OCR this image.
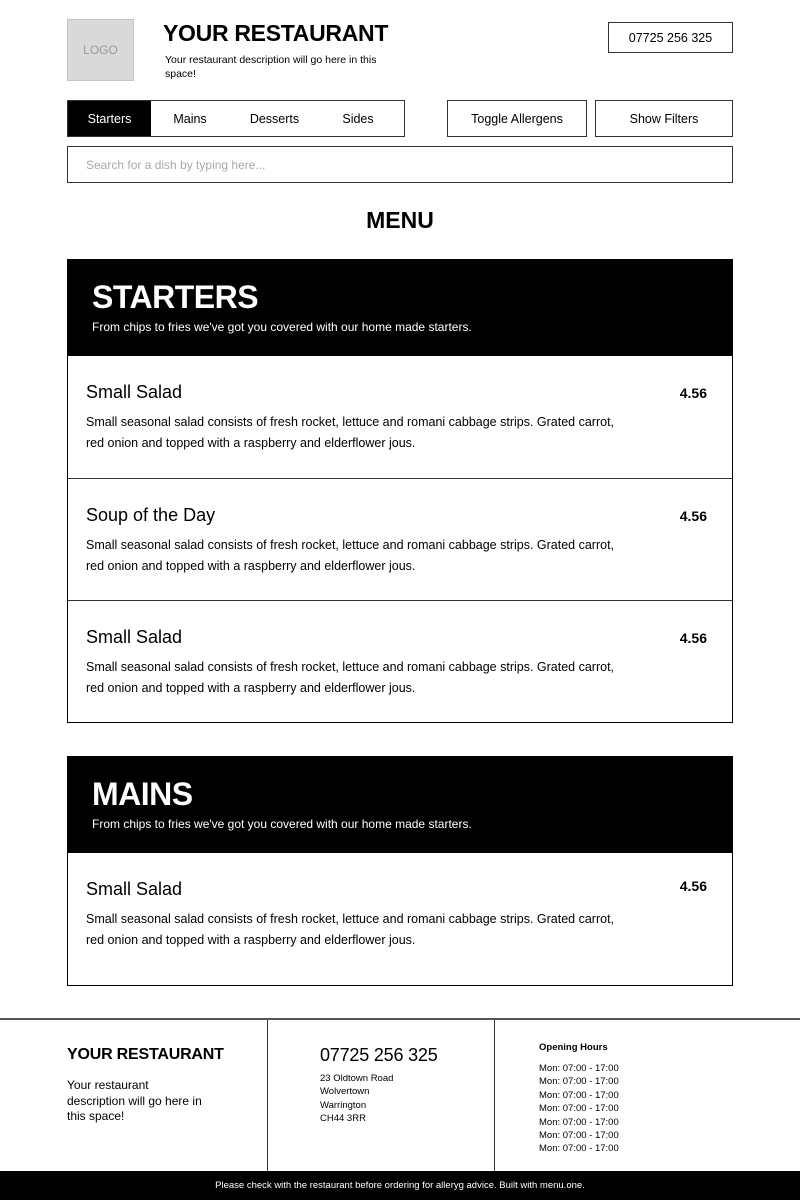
LOGO
YOUR RESTAURANT
Your restaurant description will go here in this space!
07725 256 325
Starters	Mains	Desserts	Sides	Toggle Allergens	Show Filters
Search for a dish by typing here...
MENU
STARTERS
From chips to fries we've got you covered with our home made starters.
Small Salad	4.56
Small seasonal salad consists of fresh rocket, lettuce and romani cabbage strips. Grated carrot, red onion and topped with a raspberry and elderflower jous.
Soup of the Day	4.56
Small seasonal salad consists of fresh rocket, lettuce and romani cabbage strips. Grated carrot, red onion and topped with a raspberry and elderflower jous.
Small Salad	4.56
Small seasonal salad consists of fresh rocket, lettuce and romani cabbage strips. Grated carrot, red onion and topped with a raspberry and elderflower jous.
MAINS
From chips to fries we've got you covered with our home made starters.
Small Salad	4.56
Small seasonal salad consists of fresh rocket, lettuce and romani cabbage strips. Grated carrot, red onion and topped with a raspberry and elderflower jous.
YOUR RESTAURANT
Your restaurant description will go here in this space!
07725 256 325
23 Oldtown Road
Wolvertown
Warrington
CH44 3RR
Opening Hours
Mon: 07:00 - 17:00
Mon: 07:00 - 17:00
Mon: 07:00 - 17:00
Mon: 07:00 - 17:00
Mon: 07:00 - 17:00
Mon: 07:00 - 17:00
Mon: 07:00 - 17:00
Please check with the restaurant before ordering for alleryg advice. Built with menu.one.
